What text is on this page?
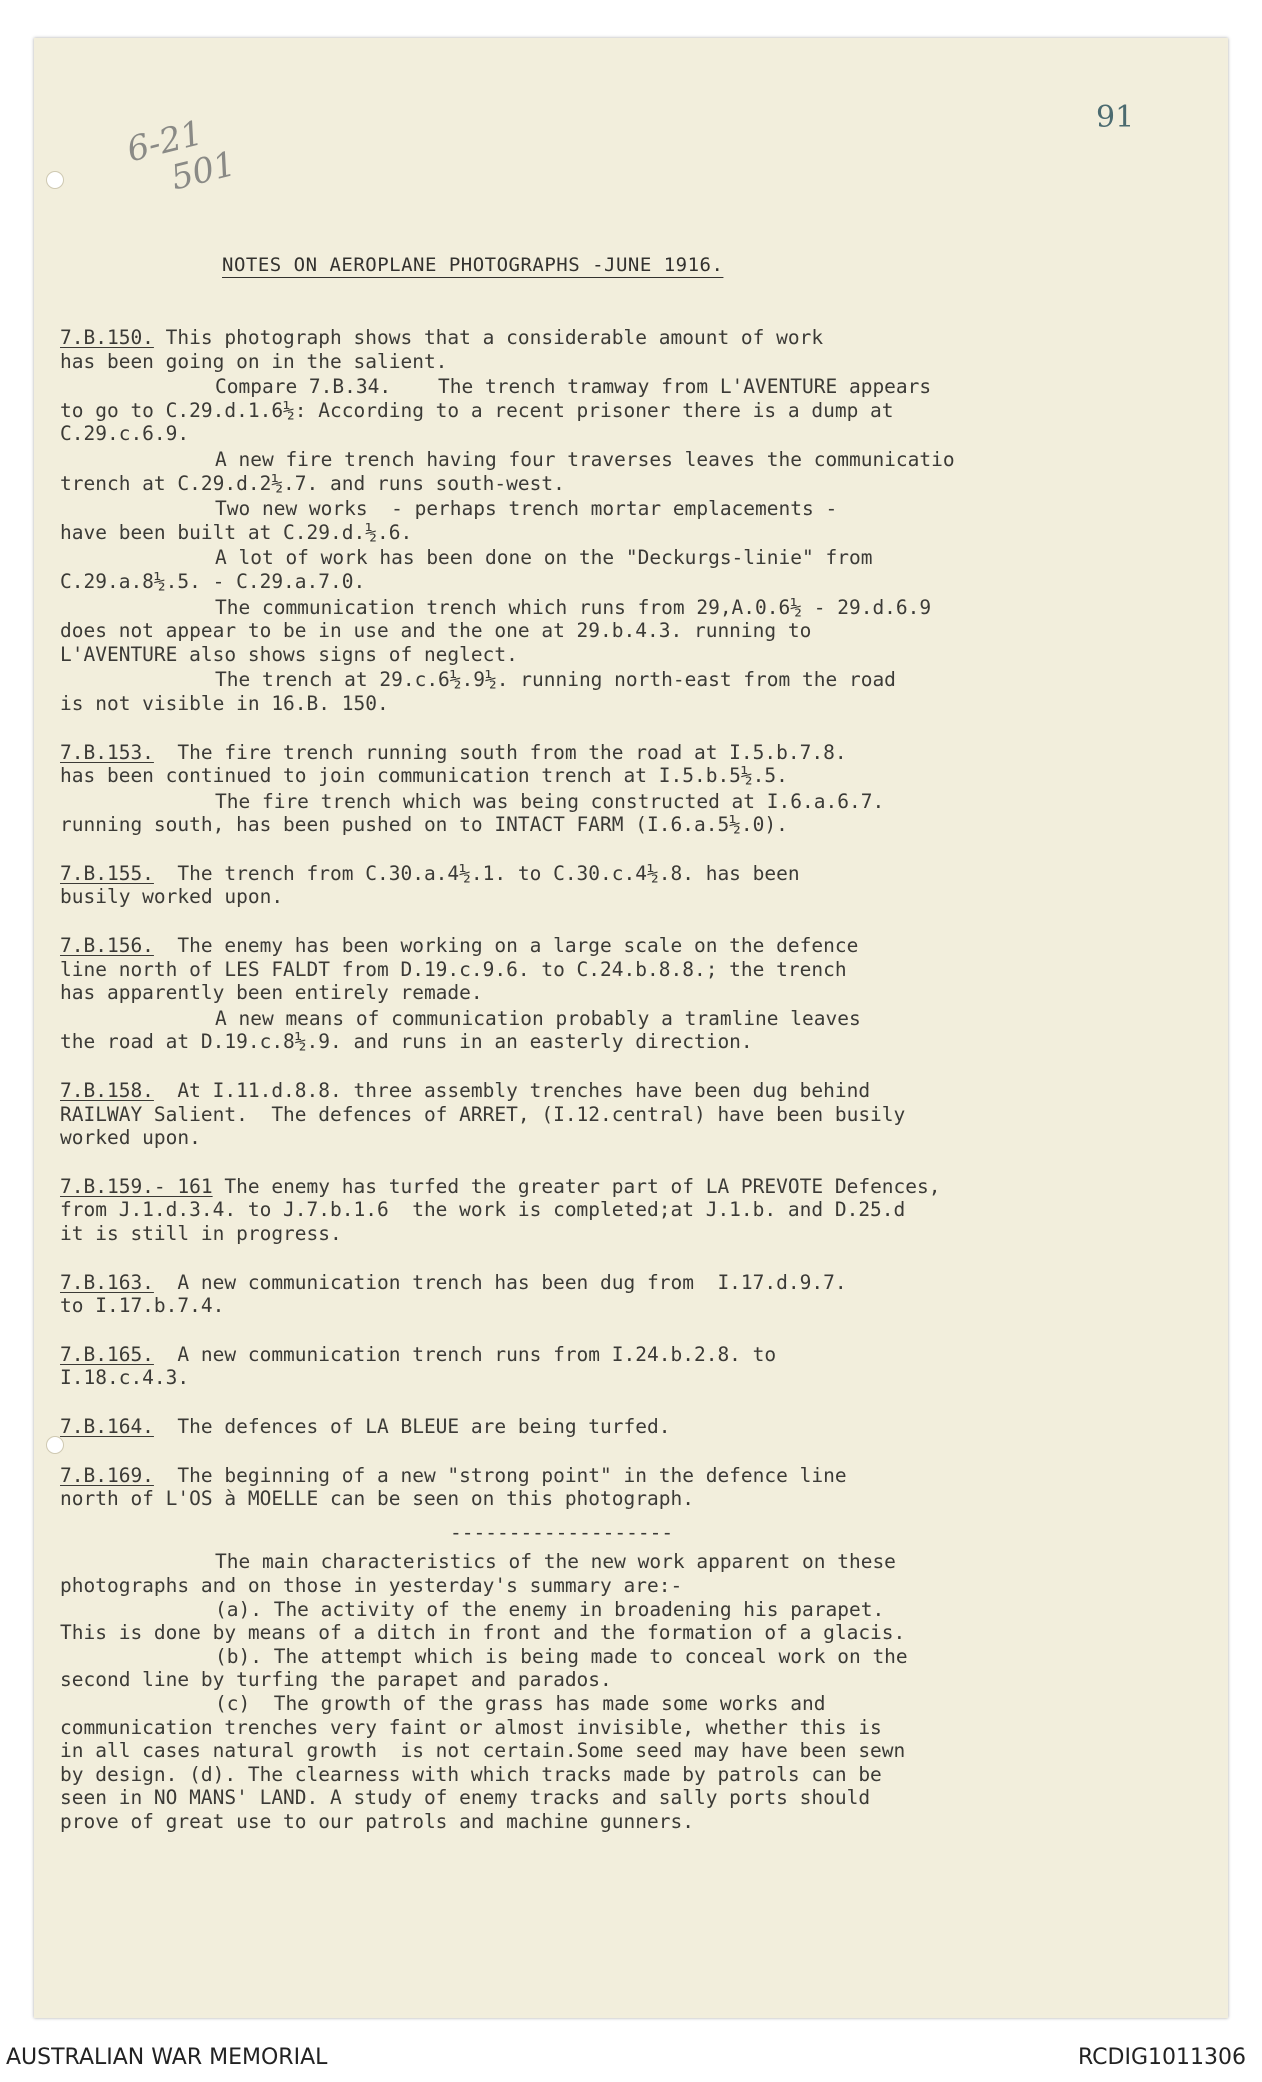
6-21
501
91
NOTES ON AEROPLANE PHOTOGRAPHS -JUNE 1916.
7.B.150. This photograph shows that a considerable amount of work
has been going on in the salient.
Compare 7.B.34.    The trench tramway from L'AVENTURE appears
to go to C.29.d.1.6½: According to a recent prisoner there is a dump at
C.29.c.6.9.
A new fire trench having four traverses leaves the communicatio
trench at C.29.d.2½.7. and runs south-west.
Two new works  - perhaps trench mortar emplacements -
have been built at C.29.d.½.6.
A lot of work has been done on the "Deckurgs-linie" from
C.29.a.8½.5. - C.29.a.7.0.
The communication trench which runs from 29,A.0.6½ - 29.d.6.9
does not appear to be in use and the one at 29.b.4.3. running to
L'AVENTURE also shows signs of neglect.
The trench at 29.c.6½.9½. running north-east from the road
is not visible in 16.B. 150.
7.B.153.  The fire trench running south from the road at I.5.b.7.8.
has been continued to join communication trench at I.5.b.5½.5.
The fire trench which was being constructed at I.6.a.6.7.
running south, has been pushed on to INTACT FARM (I.6.a.5½.0).
7.B.155.  The trench from C.30.a.4½.1. to C.30.c.4½.8. has been
busily worked upon.
7.B.156.  The enemy has been working on a large scale on the defence
line north of LES FALDT from D.19.c.9.6. to C.24.b.8.8.; the trench
has apparently been entirely remade.
A new means of communication probably a tramline leaves
the road at D.19.c.8½.9. and runs in an easterly direction.
7.B.158.  At I.11.d.8.8. three assembly trenches have been dug behind
RAILWAY Salient.  The defences of ARRET, (I.12.central) have been busily
worked upon.
7.B.159.- 161 The enemy has turfed the greater part of LA PREVOTE Defences,
from J.1.d.3.4. to J.7.b.1.6  the work is completed;at J.1.b. and D.25.d
it is still in progress.
7.B.163.  A new communication trench has been dug from  I.17.d.9.7.
to I.17.b.7.4.
7.B.165.  A new communication trench runs from I.24.b.2.8. to
I.18.c.4.3.
7.B.164.  The defences of LA BLEUE are being turfed.
7.B.169.  The beginning of a new "strong point" in the defence line
north of L'OS à MOELLE can be seen on this photograph.
-------------------
The main characteristics of the new work apparent on these
photographs and on those in yesterday's summary are:-
(a). The activity of the enemy in broadening his parapet.
This is done by means of a ditch in front and the formation of a glacis.
(b). The attempt which is being made to conceal work on the
second line by turfing the parapet and parados.
(c)  The growth of the grass has made some works and
communication trenches very faint or almost invisible, whether this is
in all cases natural growth  is not certain.Some seed may have been sewn
by design. (d). The clearness with which tracks made by patrols can be
seen in NO MANS' LAND. A study of enemy tracks and sally ports should
prove of great use to our patrols and machine gunners.
AUSTRALIAN WAR MEMORIAL	RCDIG1011306
